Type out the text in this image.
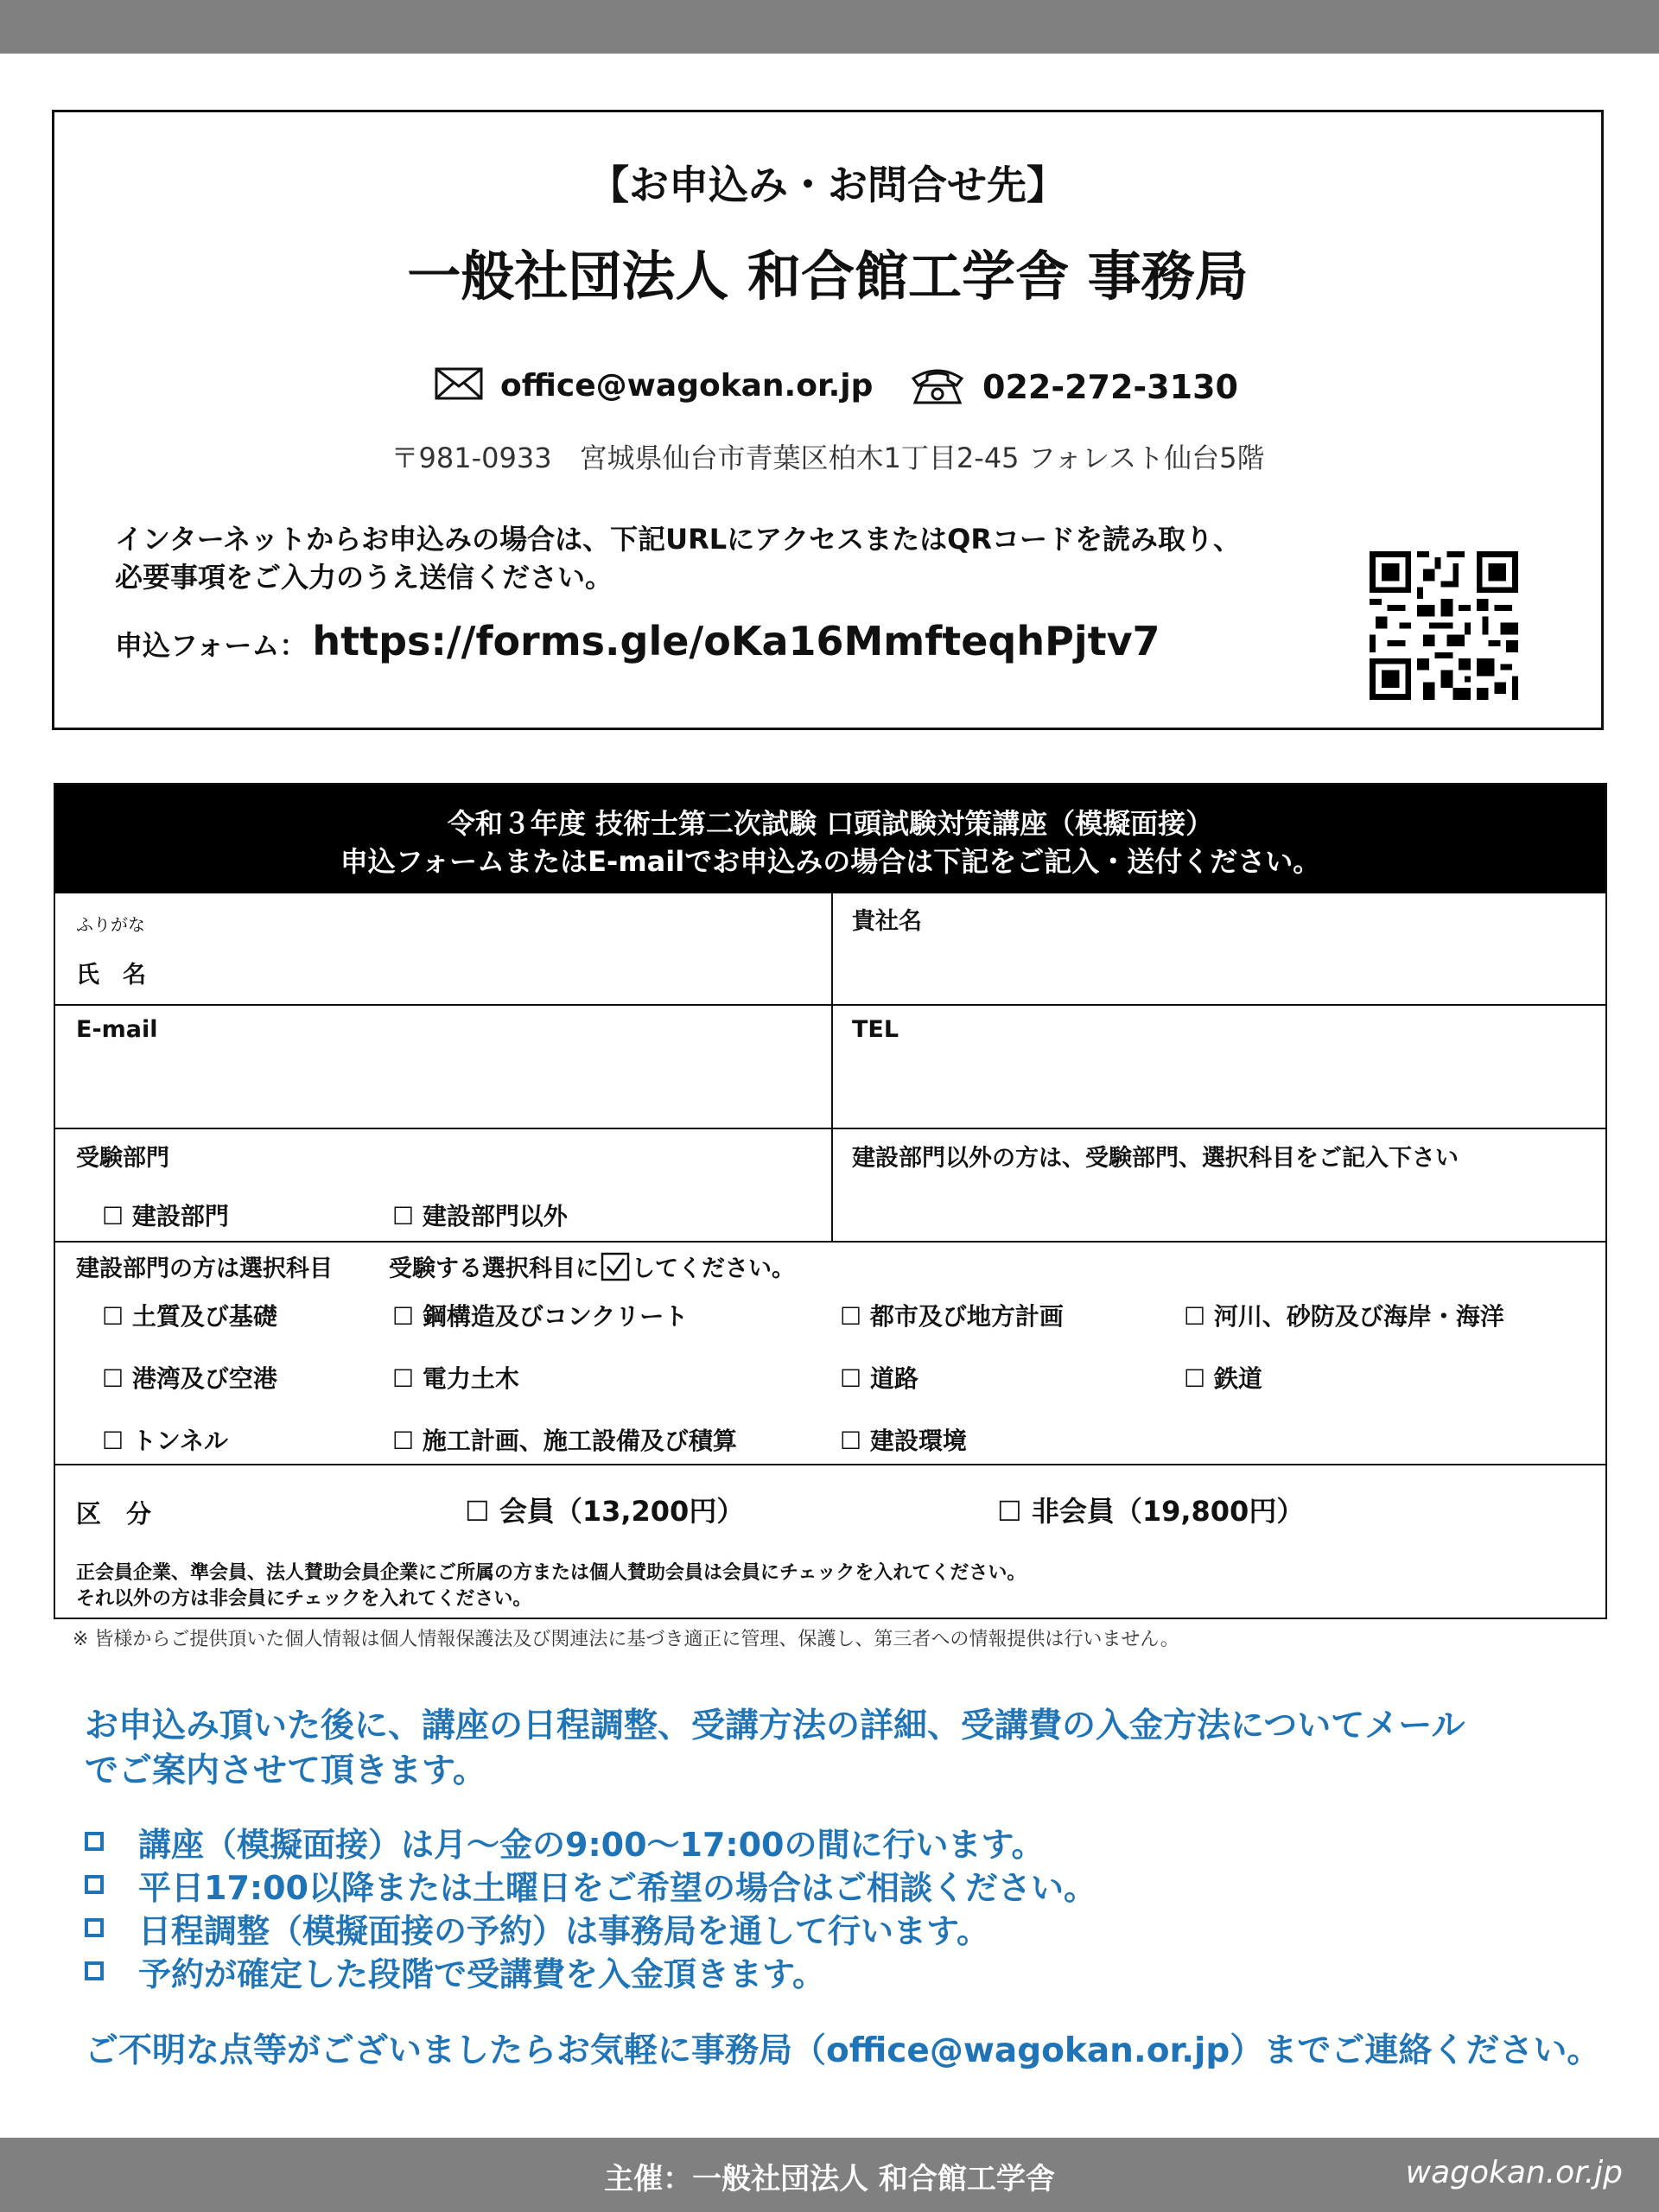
【お申込み・お問合せ先】
一般社団法人 和合館工学舎 事務局
office@wagokan.or.jp	022-272-3130
〒981-0933　宮城県仙台市青葉区柏木1丁目2-45 フォレスト仙台5階
インターネットからお申込みの場合は、下記URLにアクセスまたはQRコードを読み取り、
必要事項をご入力のうえ送信ください。
申込フォーム： https://forms.gle/oKa16MmfteqhPjtv7
令和３年度 技術士第二次試験 口頭試験対策講座（模擬面接）
申込フォームまたはE-mailでお申込みの場合は下記をご記入・送付ください。
ふりがな
氏　名
貴社名
E-mail	TEL
受験部門
☐ 建設部門	☐ 建設部門以外
建設部門以外の方は、受験部門、選択科目をご記入下さい
建設部門の方は選択科目 受験する選択科目に してください。
☐ 土質及び基礎	☐ 鋼構造及びコンクリート	☐ 都市及び地方計画	☐ 河川、砂防及び海岸・海洋
☐ 港湾及び空港	☐ 電力土木	☐ 道路	☐ 鉄道
☐ トンネル	☐ 施工計画、施工設備及び積算	☐ 建設環境
区　分	☐ 会員（13,200円）	☐ 非会員（19,800円）
正会員企業、準会員、法人賛助会員企業にご所属の方または個人賛助会員は会員にチェックを入れてください。
それ以外の方は非会員にチェックを入れてください。
※ 皆様からご提供頂いた個人情報は個人情報保護法及び関連法に基づき適正に管理、保護し、第三者への情報提供は行いません。
お申込み頂いた後に、講座の日程調整、受講方法の詳細、受講費の入金方法についてメール
でご案内させて頂きます。
講座（模擬面接）は月～金の9:00～17:00の間に行います。
平日17:00以降または土曜日をご希望の場合はご相談ください。
日程調整（模擬面接の予約）は事務局を通して行います。
予約が確定した段階で受講費を入金頂きます。
ご不明な点等がございましたらお気軽に事務局（office@wagokan.or.jp）までご連絡ください。
主催：一般社団法人 和合館工学舎	wagokan.or.jp
